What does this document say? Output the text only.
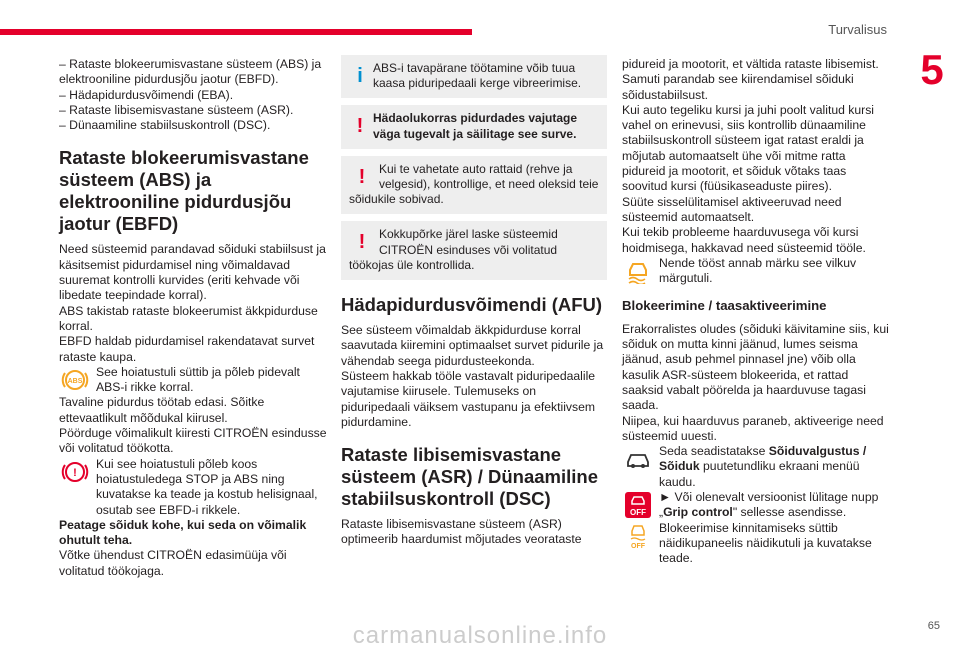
Turvalisus
5

– Rataste blokeerumisvastane süsteem (ABS) ja elektrooniline pidurdusjõu jaotur (EBFD).

– Hädapidurdusvõimendi (EBA).

– Rataste libisemisvastane süsteem (ASR).

– Dünaamiline stabiilsuskontroll (DSC).

Rataste blokeerumisvastane süsteem (ABS) ja elektrooniline pidurdusjõu jaotur (EBFD)

Need süsteemid parandavad sõiduki stabiilsust ja käsitsemist pidurdamisel ning võimaldavad suuremat kontrolli kurvides (eriti kehvade või libedate teepindade korral).

ABS takistab rataste blokeerumist äkkpidurduse korral.

EBFD haldab pidurdamisel rakendatavat survet rataste kaupa.

ABS

See hoiatustuli süttib ja põleb pidevalt ABS-i rikke korral.

Tavaline pidurdus töötab edasi. Sõitke ettevaatlikult mõõdukal kiirusel.

Pöörduge võimalikult kiiresti CITROËN esindusse või volitatud töökotta.

!

Kui see hoiatustuli põleb koos hoiatustuledega STOP ja ABS ning kuvatakse ka teade ja kostub helisignaal, osutab see EBFD-i rikkele.

Peatage sõiduk kohe, kui seda on võimalik ohutult teha.

Võtke ühendust CITROËN edasimüüja või volitatud töökojaga.

i ABS-i tavapärane töötamine võib tuua kaasa piduripedaali kerge vibreerimise.

! Hädaolukorras pidurdades vajutage väga tugevalt ja säilitage see surve.

!	Kui te vahetate auto rattaid (rehve ja velgesid), kontrollige, et need oleksid teie sõidukile sobivad.

!	Kokkupõrke järel laske süsteemid CITROËN esinduses või volitatud töökojas üle kontrollida.

Hädapidurdusvõimendi (AFU)

See süsteem võimaldab äkkpidurduse korral saavutada kiiremini optimaalset survet pidurile ja vähendab seega pidurdusteekonda.

Süsteem hakkab tööle vastavalt piduripedaalile vajutamise kiirusele. Tulemuseks on piduripedaali väiksem vastupanu ja efektiivsem pidurdamine.

Rataste libisemisvastane süsteem (ASR) / Dünaamiline stabiilsuskontroll (DSC)

Rataste libisemisvastane süsteem (ASR) optimeerib haardumist mõjutades veorataste

pidureid ja mootorit, et vältida rataste libisemist. Samuti parandab see kiirendamisel sõiduki sõidustabiilsust.

Kui auto tegeliku kursi ja juhi poolt valitud kursi vahel on erinevusi, siis kontrollib dünaamiline stabiilsuskontroll süsteem igat ratast eraldi ja mõjutab automaatselt ühe või mitme ratta pidureid ja mootorit, et sõiduk võtaks taas soovitud kursi (füüsikaseaduste piires).

Süüte sisselülitamisel aktiveeruvad need süsteemid automaatselt.

Kui tekib probleeme haarduvusega või kursi hoidmisega, hakkavad need süsteemid tööle.

Nende tööst annab märku see vilkuv märgutuli.

Blokeerimine / taasaktiveerimine

Erakorralistes oludes (sõiduki käivitamine siis, kui sõiduk on mutta kinni jäänud, lumes seisma jäänud, asub pehmel pinnasel jne) võib olla kasulik ASR-süsteem blokeerida, et rattad saaksid vabalt pöörelda ja haarduvuse tagasi saada.

Niipea, kui haarduvus paraneb, aktiveerige need süsteemid uuesti.

Seda seadistatakse Sõiduvalgustus / Sõiduk puutetundliku ekraani menüü kaudu.

OFF

► Või olenevalt versioonist lülitage nupp „Grip control" sellesse asendisse.

OFF

Blokeerimise kinnitamiseks süttib näidikupaneelis näidikutuli ja kuvatakse teade.

carmanualsonline.info	65
